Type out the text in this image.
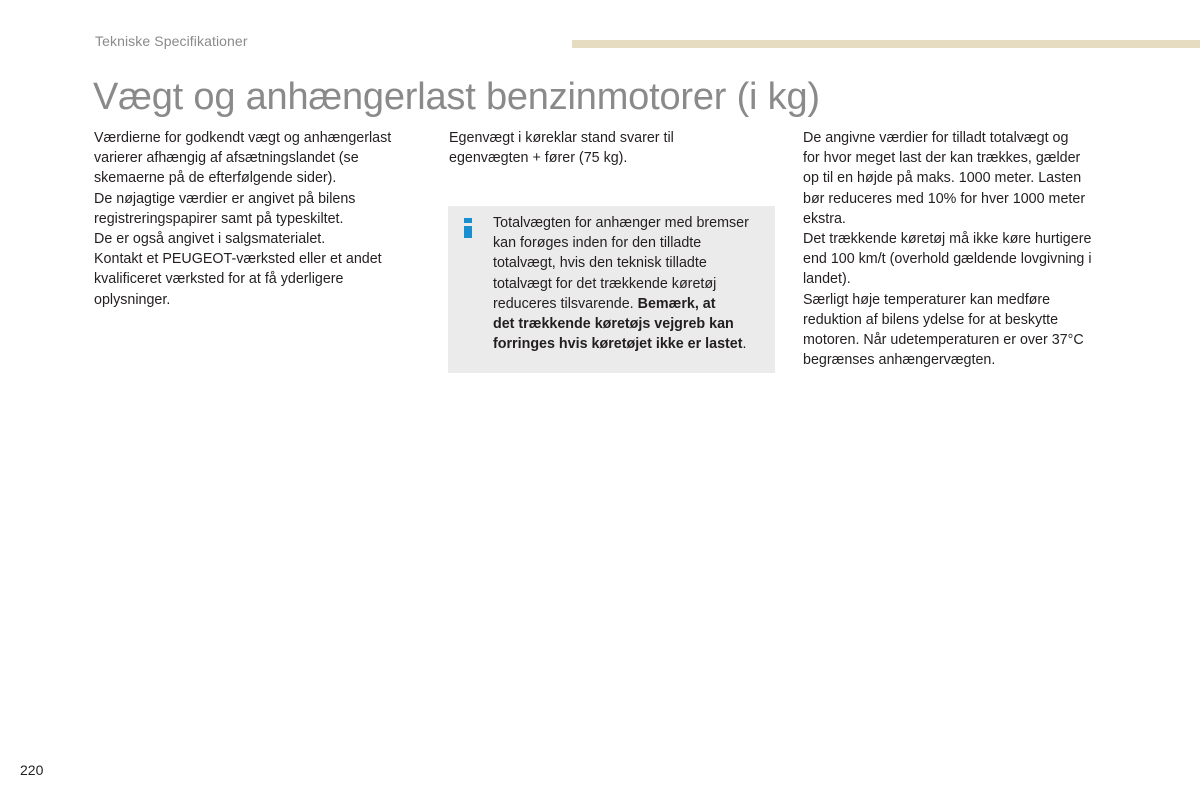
Tekniske Specifikationer
Vægt og anhængerlast benzinmotorer (i kg)

Værdierne for godkendt vægt og anhængerlast

varierer afhængig af afsætningslandet (se

skemaerne på de efterfølgende sider).

De nøjagtige værdier er angivet på bilens

registreringspapirer samt på typeskiltet.

De er også angivet i salgsmaterialet.

Kontakt et PEUGEOT-værksted eller et andet

kvalificeret værksted for at få yderligere

oplysninger.

Egenvægt i køreklar stand svarer til

egenvægten + fører (75 kg).

Totalvægten for anhænger med bremser

kan forøges inden for den tilladte

totalvægt, hvis den teknisk tilladte

totalvægt for det trækkende køretøj

reduceres tilsvarende. Bemærk, at

det trækkende køretøjs vejgreb kan

forringes hvis køretøjet ikke er lastet.

De angivne værdier for tilladt totalvægt og

for hvor meget last der kan trækkes, gælder

op til en højde på maks. 1000 meter. Lasten

bør reduceres med 10% for hver 1000 meter

ekstra.

Det trækkende køretøj må ikke køre hurtigere

end 100 km/t (overhold gældende lovgivning i

landet).

Særligt høje temperaturer kan medføre

reduktion af bilens ydelse for at beskytte

motoren. Når udetemperaturen er over 37°C

begrænses anhængervægten.

220
